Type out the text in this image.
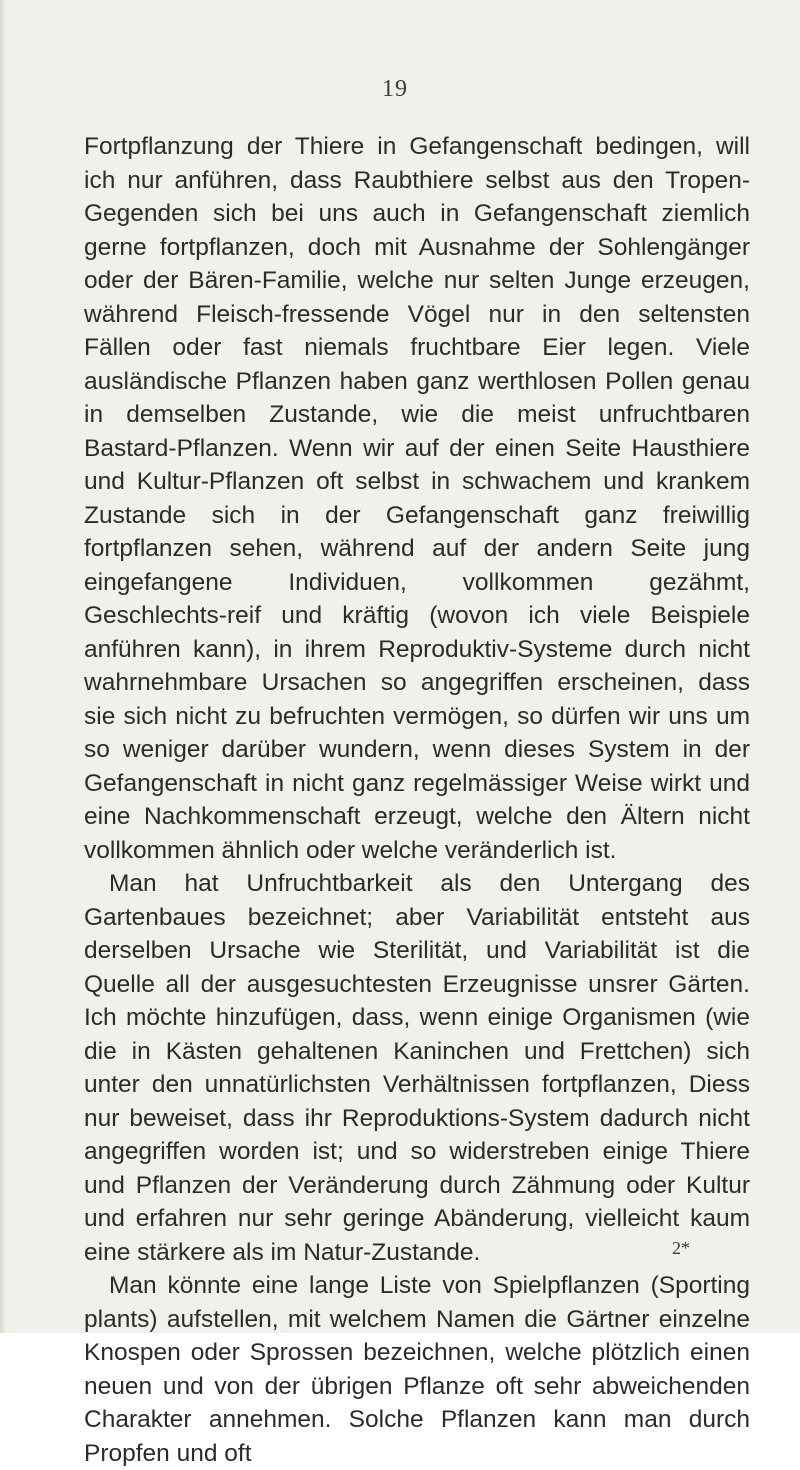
19

Fortpflanzung der Thiere in Gefangenschaft bedingen, will ich nur anführen, dass Raubthiere selbst aus den Tropen-Gegenden sich bei uns auch in Gefangenschaft ziemlich gerne fortpflanzen, doch mit Ausnahme der Sohlengänger oder der Bären-Familie, welche nur selten Junge erzeugen, während Fleisch-fressende Vögel nur in den seltensten Fällen oder fast niemals fruchtbare Eier legen. Viele ausländische Pflanzen haben ganz werthlosen Pollen genau in demselben Zustande, wie die meist unfruchtbaren Bastard-Pflanzen. Wenn wir auf der einen Seite Hausthiere und Kultur-Pflanzen oft selbst in schwachem und krankem Zustande sich in der Gefangenschaft ganz freiwillig fortpflanzen sehen, während auf der andern Seite jung eingefangene Individuen, vollkommen gezähmt, Geschlechts-reif und kräftig (wovon ich viele Beispiele anführen kann), in ihrem Reproduktiv-Systeme durch nicht wahrnehmbare Ursachen so angegriffen erscheinen, dass sie sich nicht zu befruchten vermögen, so dürfen wir uns um so weniger darüber wundern, wenn dieses System in der Gefangenschaft in nicht ganz regelmässiger Weise wirkt und eine Nachkommenschaft erzeugt, welche den Ältern nicht vollkommen ähnlich oder welche veränderlich ist.

Man hat Unfruchtbarkeit als den Untergang des Gartenbaues bezeichnet; aber Variabilität entsteht aus derselben Ursache wie Sterilität, und Variabilität ist die Quelle all der ausgesuchtesten Erzeugnisse unsrer Gärten. Ich möchte hinzufügen, dass, wenn einige Organismen (wie die in Kästen gehaltenen Kaninchen und Frettchen) sich unter den unnatürlichsten Verhältnissen fortpflanzen, Diess nur beweiset, dass ihr Reproduktions-System dadurch nicht angegriffen worden ist; und so widerstreben einige Thiere und Pflanzen der Veränderung durch Zähmung oder Kultur und erfahren nur sehr geringe Abänderung, vielleicht kaum eine stärkere als im Natur-Zustande.

Man könnte eine lange Liste von Spielpflanzen (Sporting plants) aufstellen, mit welchem Namen die Gärtner einzelne Knospen oder Sprossen bezeichnen, welche plötzlich einen neuen und von der übrigen Pflanze oft sehr abweichenden Charakter annehmen. Solche Pflanzen kann man durch Propfen und oft

2*
